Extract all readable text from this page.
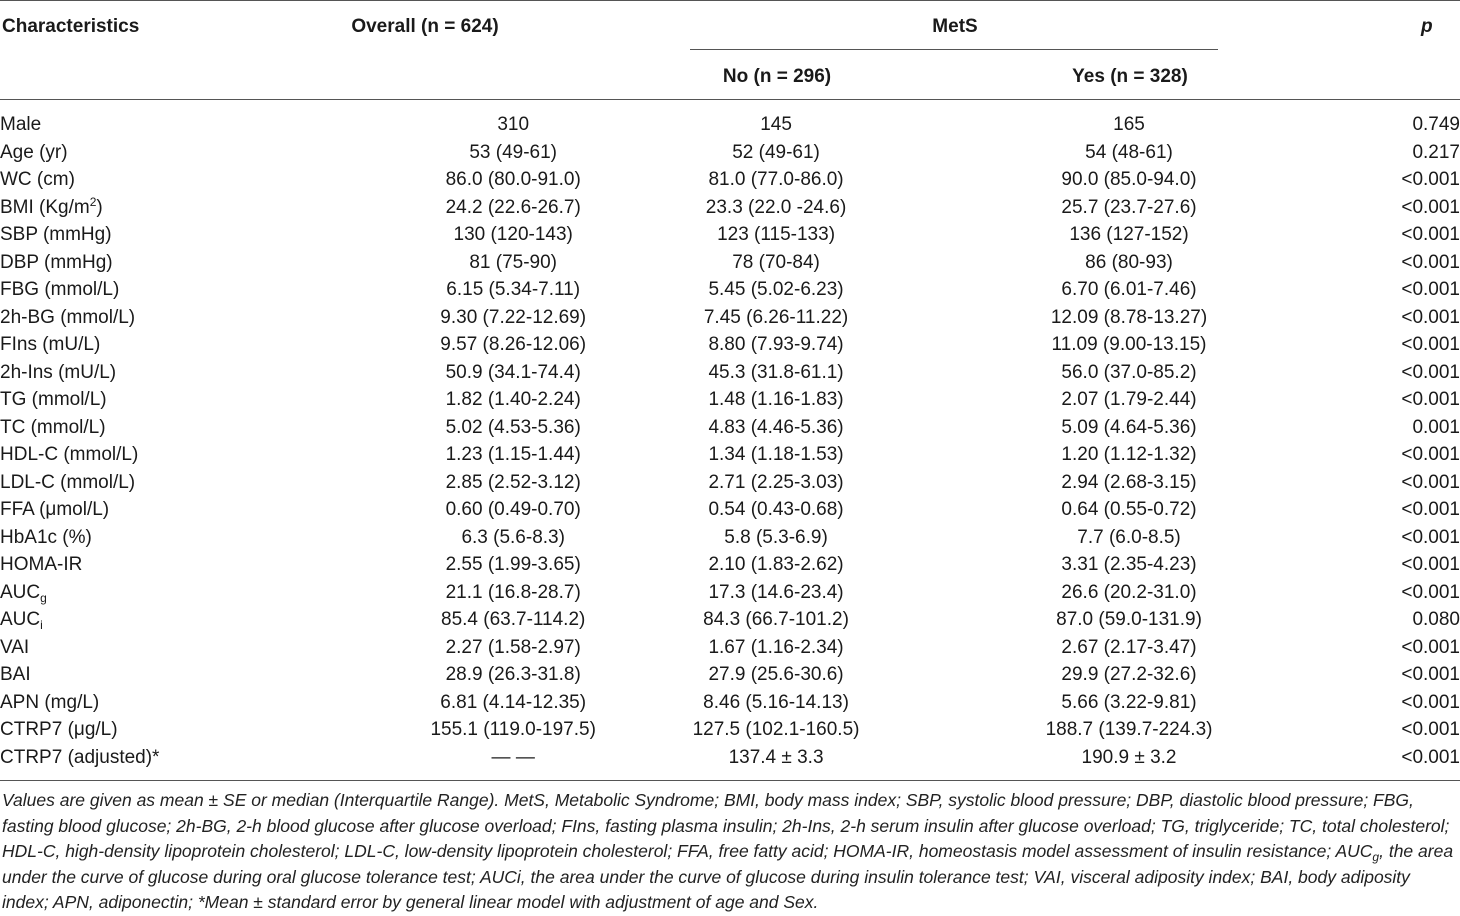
Characteristics	Overall (n = 624)	MetS
No (n = 296)	Yes (n = 328)
p
Male	310	145	165	0.749
Age (yr)	53 (49-61)	52 (49-61)	54 (48-61)	0.217
WC (cm)	86.0 (80.0-91.0)	81.0 (77.0-86.0)	90.0 (85.0-94.0)	<0.001
BMI $(Kg/m^2)$	24.2 (22.6-26.7)	23.3 (22.0 -24.6)	25.7 (23.7-27.6)	<0.001
SBP (mmHg)	130 (120-143)	123 (115-133)	136 (127-152)	<0.001
DBP (mmHg)	81 (75-90)	78 (70-84)	86 (80-93)	<0.001
FBG (mmol/L)	6.15 (5.34-7.11)	5.45 (5.02-6.23)	6.70 (6.01-7.46)	<0.001
2h-BG (mmol/L)	9.30 (7.22-12.69)	7.45 (6.26-11.22)	12.09 (8.78-13.27)	<0.001
FIns (mU/L)	9.57 (8.26-12.06)	8.80 (7.93-9.74)	11.09 (9.00-13.15)	<0.001
2h-Ins (mU/L)	50.9 (34.1-74.4)	45.3 (31.8-61.1)	56.0 (37.0-85.2)	<0.001
TG (mmol/L)	1.82 (1.40-2.24)	1.48 (1.16-1.83)	2.07 (1.79-2.44)	<0.001
TC (mmol/L)	5.02 (4.53-5.36)	4.83 (4.46-5.36)	5.09 (4.64-5.36)	0.001
HDL-C (mmol/L)	1.23 (1.15-1.44)	1.34 (1.18-1.53)	1.20 (1.12-1.32)	<0.001
LDL-C (mmol/L)	2.85 (2.52-3.12)	2.71 (2.25-3.03)	2.94 (2.68-3.15)	<0.001
FFA (μmol/L)	0.60 (0.49-0.70)	0.54 (0.43-0.68)	0.64 (0.55-0.72)	<0.001
HbA1c (%)	6.3 (5.6-8.3)	5.8 (5.3-6.9)	7.7 (6.0-8.5)	<0.001
HOMA-IR	2.55 (1.99-3.65)	2.10 (1.83-2.62)	3.31 (2.35-4.23)	<0.001
$AUC_g$	21.1 (16.8-28.7)	17.3 (14.6-23.4)	26.6 (20.2-31.0)	<0.001
$AUC_i$	85.4 (63.7-114.2)	84.3 (66.7-101.2)	87.0 (59.0-131.9)	0.080
VAI	2.27 (1.58-2.97)	1.67 (1.16-2.34)	2.67 (2.17-3.47)	<0.001
BAI	28.9 (26.3-31.8)	27.9 (25.6-30.6)	29.9 (27.2-32.6)	<0.001
APN (mg/L)	6.81 (4.14-12.35)	8.46 (5.16-14.13)	5.66 (3.22-9.81)	<0.001
CTRP7 (μg/L)	155.1 (119.0-197.5)	127.5 (102.1-160.5)	188.7 (139.7-224.3)	<0.001
CTRP7 (adjusted)*	— —	137.4 ± 3.3	190.9 ± 3.2	<0.001
Values are given as mean ± SE or median (Interquartile Range). MetS, Metabolic Syndrome; BMI, body mass index; SBP, systolic blood pressure; DBP, diastolic blood pressure; FBG, fasting blood glucose; 2h-BG, 2-h blood glucose after glucose overload; FIns, fasting plasma insulin; 2h-Ins, 2-h serum insulin after glucose overload; TG, triglyceride; TC, total cholesterol; HDL-C, high-density lipoprotein cholesterol; LDL-C, low-density lipoprotein cholesterol; FFA, free fatty acid; HOMA-IR, homeostasis model assessment of insulin resistance; $AUC_g$, the area under the curve of glucose during oral glucose tolerance test; AUCi, the area under the curve of glucose during insulin tolerance test; VAI, visceral adiposity index; BAI, body adiposity index; APN, adiponectin; *Mean ± standard error by general linear model with adjustment of age and Sex.
